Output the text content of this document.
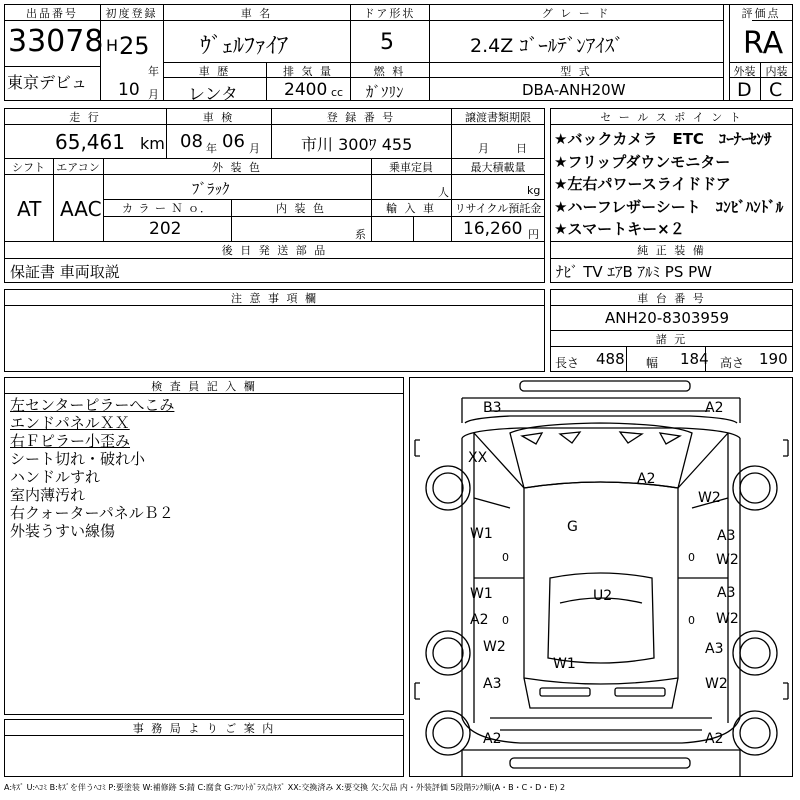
出品番号
33078
東京デビュ
初度登録
H 25
年
10 月
車 名
ｳﾞｪﾙﾌｧｲｱ
ドア形状
5
グ レ ー ド
2.4Z ｺﾞｰﾙﾃﾞﾝｱｲｽﾞ
評価点
RA
車 歴
レンタ
排 気 量
2400 cc
燃 料
ｶﾞｿﾘﾝ
型 式
DBA-ANH20W
外装 内装
D C
走 行
65,461 km
車 検
08 年 06 月
登 録 番 号
市川 300ﾜ 455
譲渡書類期限
月 日
シフト
AT
エアコン
AAC
外 装 色
ﾌﾞﾗｯｸ
乗車定員
人
最大積載量
kg
カ ラ ー Ｎ ｏ．
202
内 装 色
系
輸 入 車	リサイクル預託金
16,260 円
後 日 発 送 部 品
保証書 車両取説
セ ー ル ス ポ イ ン ト
★バックカメラ　ETC　ｺｰﾅｰｾﾝｻ
★フリップダウンモニター
★左右パワースライドドア
★ハーフレザーシート　ｺﾝﾋﾞﾊﾝﾄﾞﾙ
★スマートキー×２
純 正 装 備
ﾅﾋﾞ TV ｴｱB ｱﾙﾐ PS PW
注 意 事 項 欄	車 台 番 号
ANH20-8303959
諸 元
長さ 488 幅 184 高さ 190
検 査 員 記 入 欄
左センターピラーへこみ
エンドパネルＸＸ
右Ｆピラー小歪み
シート切れ・破れ小
ハンドルすれ
室内薄汚れ
右クォーターパネルＢ２
外装うすい線傷
B3	A2
XX
A2
W2
W1	A3
G
W2
W1	U2	A3
A2	W2
A3
W2
W1
A3	W2
A2	A2
0	0
0	0
事 務 局 よ り ご 案 内
A:ｷｽﾞ U:ﾍｺﾐ B:ｷｽﾞを伴うﾍｺﾐ P:要塗装 W:補修跡 S:錆 C:腐食 G:ﾌﾛﾝﾄｶﾞﾗｽ点ｷｽﾞ XX:交換済み X:要交換 欠:欠品 内・外装評価 5段階ﾗﾝｸ順(A・B・C・D・E) 2
